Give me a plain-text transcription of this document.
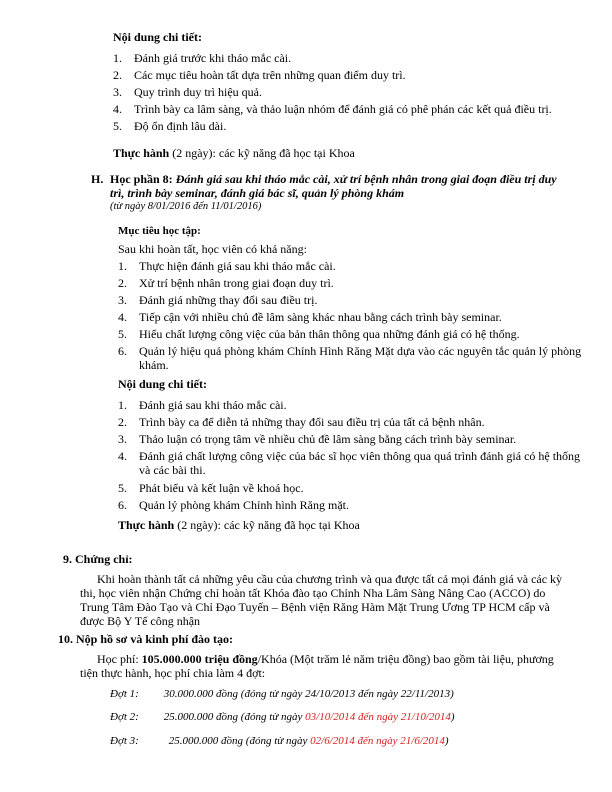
Nội dung chi tiết:
1. Đánh giá trước khi tháo mắc cài.
2. Các mục tiêu hoàn tất dựa trên những quan điểm duy trì.
3. Quy trình duy trì hiệu quả.
4. Trình bày ca lâm sàng, và thảo luận nhóm để đánh giá có phê phán các kết quả điều trị.
5. Độ ổn định lâu dài.
Thực hành (2 ngày): các kỹ năng đã học tại Khoa
H. Học phần 8: Đánh giá sau khi tháo mắc cài, xử trí bệnh nhân trong giai đoạn điều trị duy
trì, trình bày seminar, đánh giá bác sĩ, quản lý phòng khám
(từ ngày 8/01/2016 đến 11/01/2016)
Mục tiêu học tập:
Sau khi hoàn tất, học viên có khả năng:
1. Thực hiện đánh giá sau khi tháo mắc cài.
2. Xử trí bệnh nhân trong giai đoạn duy trì.
3. Đánh giá những thay đổi sau điều trị.
4. Tiếp cận với nhiều chủ đề lâm sàng khác nhau bằng cách trình bày seminar.
5. Hiểu chất lượng công việc của bản thân thông qua những đánh giá có hệ thống.
6. Quản lý hiệu quả phòng khám Chỉnh Hình Răng Mặt dựa vào các nguyên tắc quản lý phòng khám.
Nội dung chi tiết:
1. Đánh giá sau khi tháo mắc cài.
2. Trình bày ca để diễn tả những thay đổi sau điều trị của tất cả bệnh nhân.
3. Thảo luận có trọng tâm về nhiều chủ đề lâm sàng bằng cách trình bày seminar.
4. Đánh giá chất lượng công việc của bác sĩ học viên thông qua quá trình đánh giá có hệ thống và các bài thi.
5. Phát biểu và kết luận về khoá học.
6. Quản lý phòng khám Chỉnh hình Răng mặt.
Thực hành (2 ngày): các kỹ năng đã học tại Khoa
9. Chứng chỉ:
Khi hoàn thành tất cả những yêu cầu của chương trình và qua được tất cả mọi đánh giá và các kỳ
thi, học viên nhận Chứng chỉ hoàn tất Khóa đào tạo Chỉnh Nha Lâm Sàng Nâng Cao (ACCO) do
Trung Tâm Đào Tạo và Chỉ Đạo Tuyến – Bệnh viện Răng Hàm Mặt Trung Ương TP HCM cấp và
được Bộ Y Tế công nhận
10. Nộp hồ sơ và kinh phí đào tạo:
Học phí: 105.000.000 triệu đồng/Khóa (Một trăm lẻ năm triệu đồng) bao gồm tài liệu, phương
tiện thực hành, học phí chia làm 4 đợt:
Đợt 1: 30.000.000 đồng (đóng từ ngày 24/10/2013 đến ngày 22/11/2013)
Đợt 2: 25.000.000 đồng (đóng từ ngày 03/10/2014 đến ngày 21/10/2014)
Đợt 3:	25.000.000 đồng (đóng từ ngày 02/6/2014 đến ngày 21/6/2014)
